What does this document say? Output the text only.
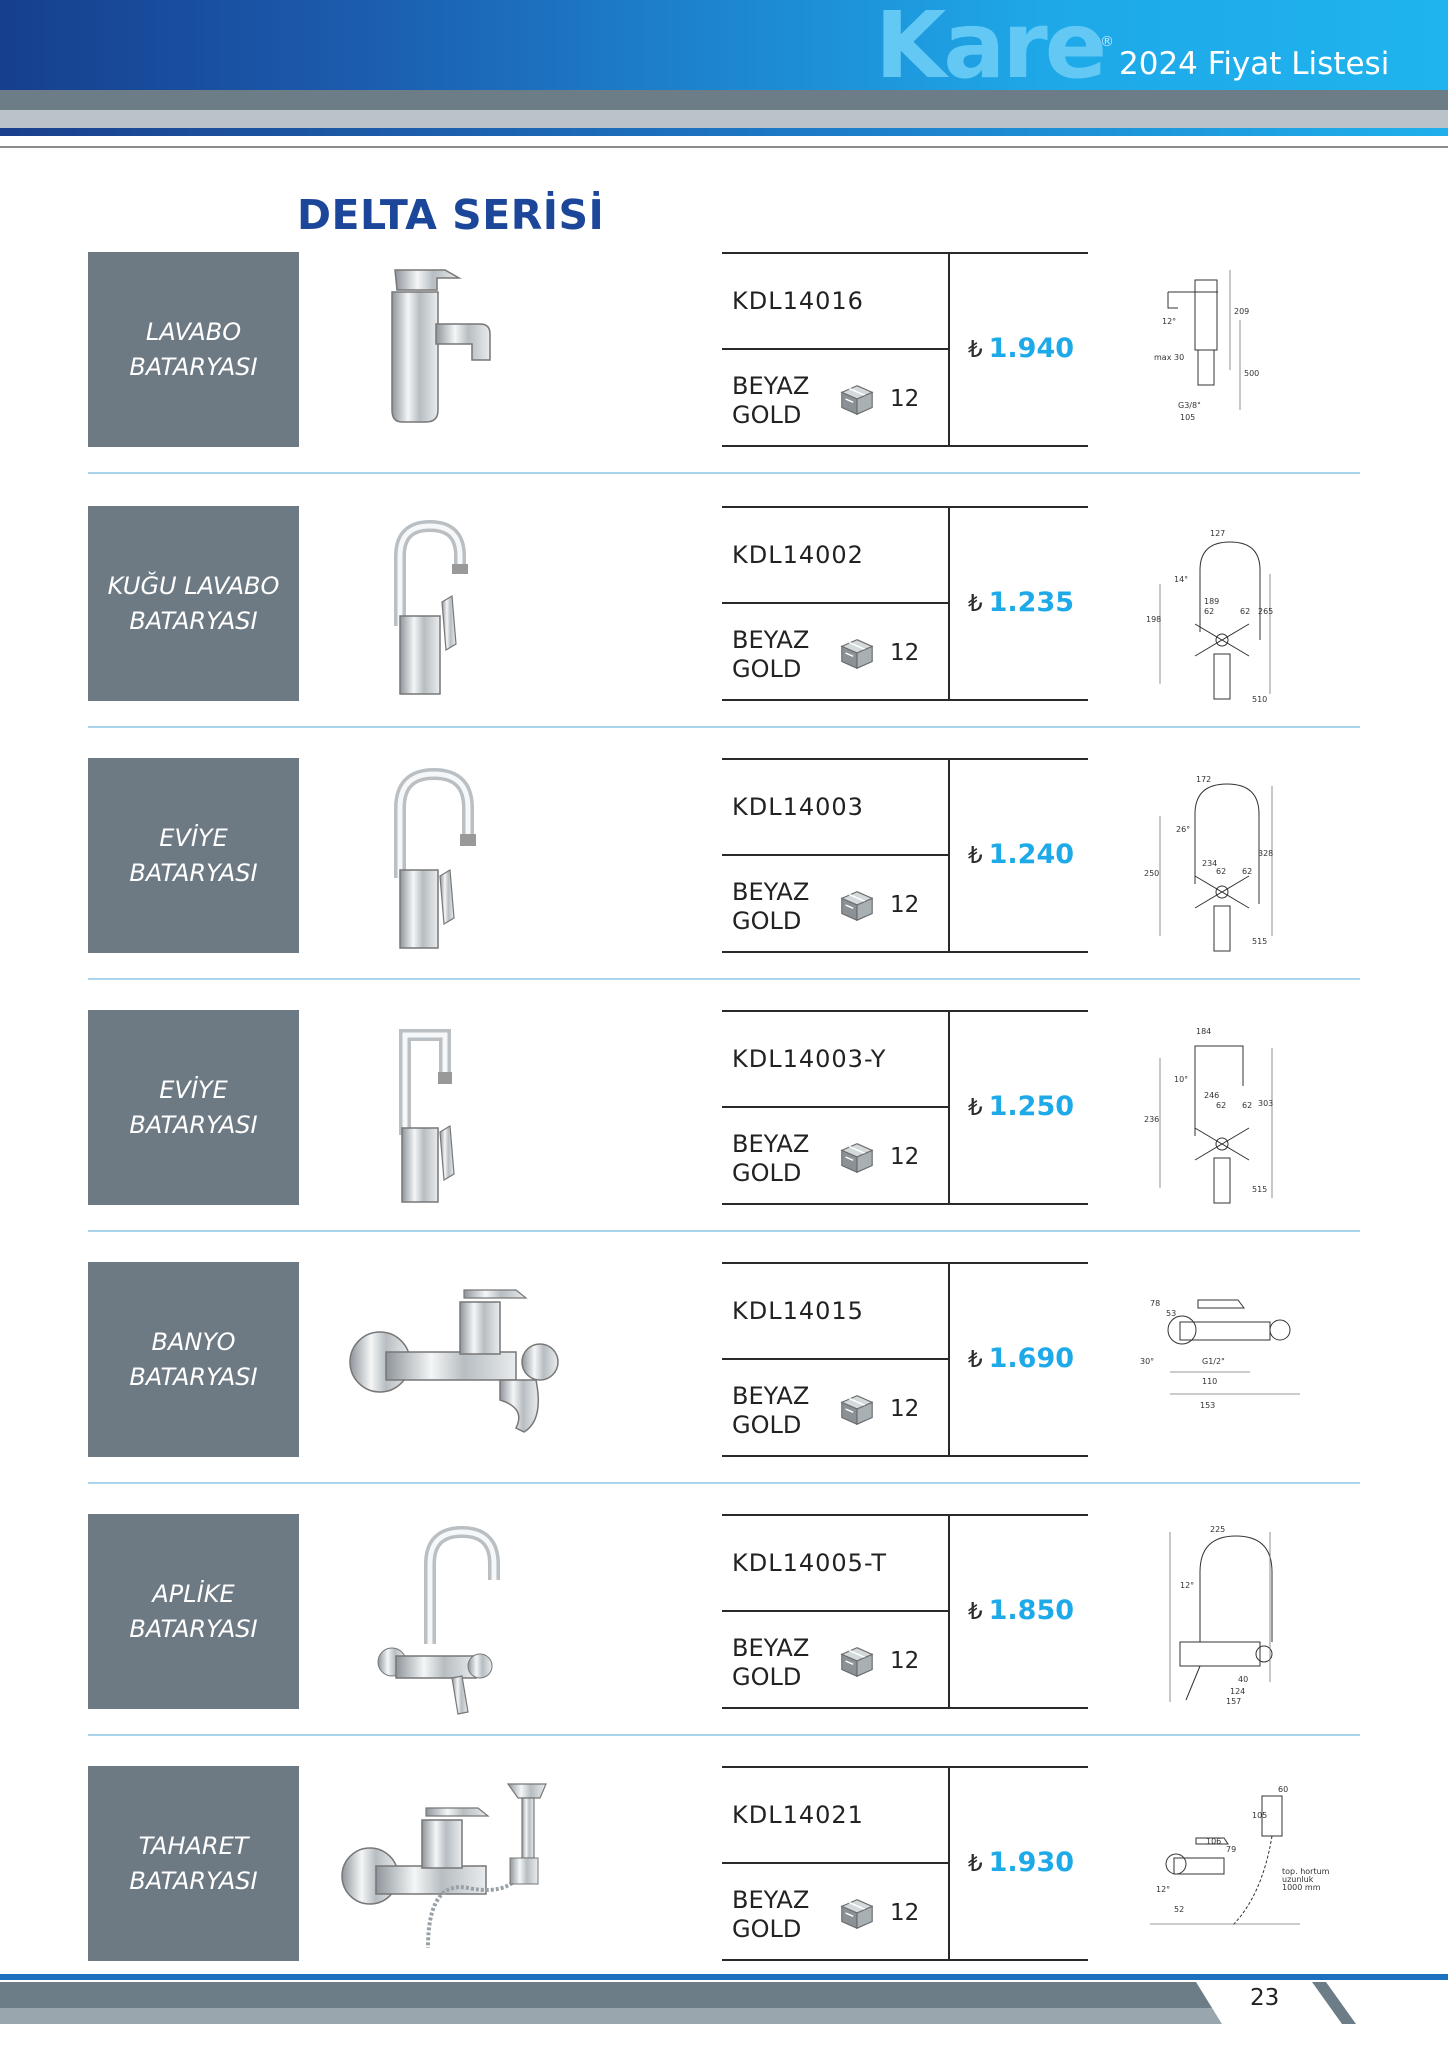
Kare
®
2024 Fiyat Listesi
DELTA SERİSİ
LAVABO
BATARYASI
KDL14016
BEYAZ
GOLD
12
₺ 1.940
209
12°
max 30
500
G3/8"
105
KUĞU LAVABO
BATARYASI
KDL14002
BEYAZ
GOLD
12
₺ 1.235
127
14°
189
62	62 265
198
510
EVİYE
BATARYASI
KDL14003
BEYAZ
GOLD
12
₺ 1.240
172
26°
234
62 62
328
250
515
EVİYE
BATARYASI
KDL14003-Y
BEYAZ
GOLD
12
₺ 1.250
184
10°
246
62 62 303
236
515
BANYO
BATARYASI
KDL14015
BEYAZ
GOLD
12
₺ 1.690
78
53
30°	G1/2"
110
153
APLİKE
BATARYASI
KDL14005-T
BEYAZ
GOLD
12
₺ 1.850
225
12°
40
124
157
TAHARET
BATARYASI
KDL14021
BEYAZ
GOLD
12
₺ 1.930
60
105
106
79
12°
52
top. hortum
uzunluk
1000 mm
23
